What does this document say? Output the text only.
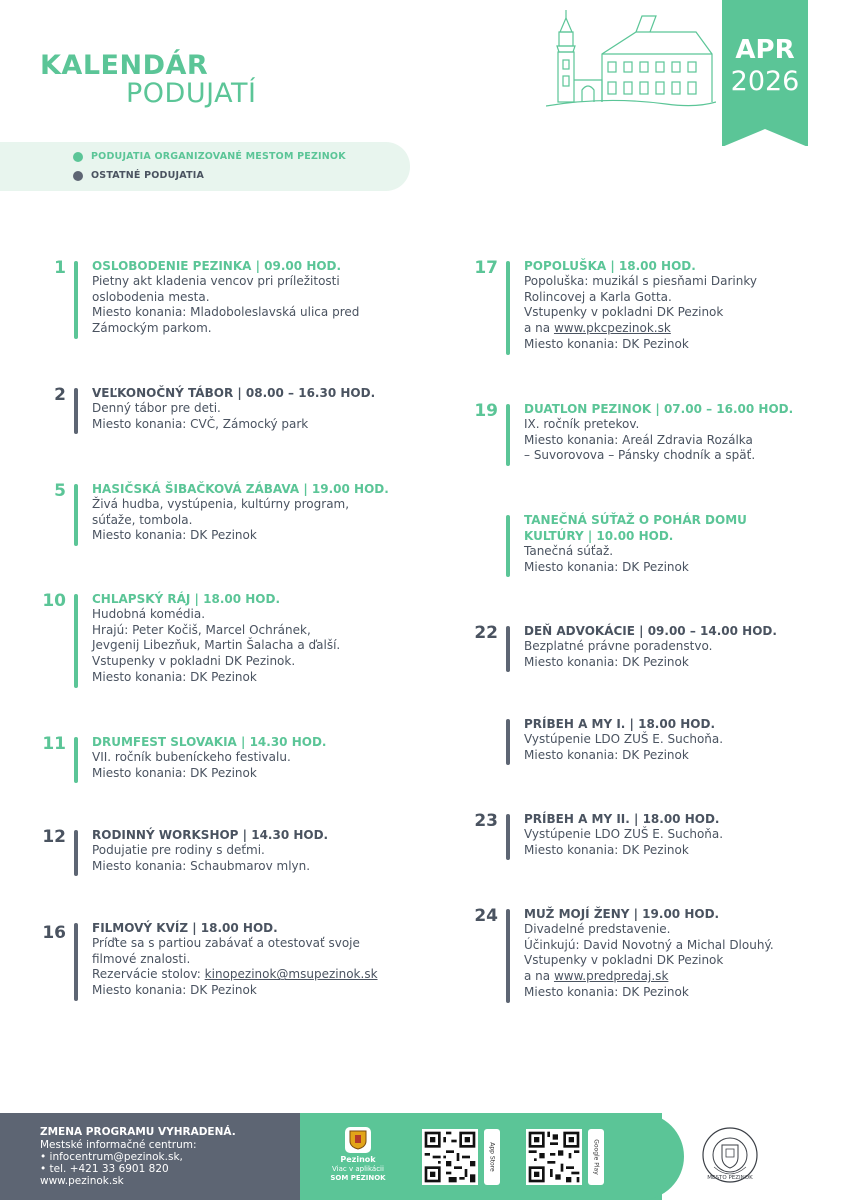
KALENDÁR
PODUJATÍ
APR
2026
PODUJATIA ORGANIZOVANÉ MESTOM PEZINOK
OSTATNÉ PODUJATIA
1 OSLOBODENIE PEZINKA | 09.00 HOD.
Pietny akt kladenia vencov pri príležitosti
oslobodenia mesta.
Miesto konania: Mladoboleslavská ulica pred
Zámockým parkom.
2 VEĽKONOČNÝ TÁBOR | 08.00 – 16.30 HOD.
Denný tábor pre deti.
Miesto konania: CVČ, Zámocký park
5 HASIČSKÁ ŠIBAČKOVÁ ZÁBAVA | 19.00 HOD.
Živá hudba, vystúpenia, kultúrny program,
súťaže, tombola.
Miesto konania: DK Pezinok
10 CHLAPSKÝ RÁJ | 18.00 HOD.
Hudobná komédia.
Hrajú: Peter Kočiš, Marcel Ochránek,
Jevgenij Libezňuk, Martin Šalacha a ďalší.
Vstupenky v pokladni DK Pezinok.
Miesto konania: DK Pezinok
11 DRUMFEST SLOVAKIA | 14.30 HOD.
VII. ročník bubeníckeho festivalu.
Miesto konania: DK Pezinok
12 RODINNÝ WORKSHOP | 14.30 HOD.
Podujatie pre rodiny s deťmi.
Miesto konania: Schaubmarov mlyn.
16 FILMOVÝ KVÍZ | 18.00 HOD.
Príďte sa s partiou zabávať a otestovať svoje
filmové znalosti.
Rezervácie stolov: kinopezinok@msupezinok.sk
Miesto konania: DK Pezinok
17 POPOLUŠKA | 18.00 HOD.
Popoluška: muzikál s piesňami Darinky
Rolincovej a Karla Gotta.
Vstupenky v pokladni DK Pezinok
a na www.pkcpezinok.sk
Miesto konania: DK Pezinok
19 DUATLON PEZINOK | 07.00 – 16.00 HOD.
IX. ročník pretekov.
Miesto konania: Areál Zdravia Rozálka
– Suvorovova – Pánsky chodník a späť.
TANEČNÁ SÚŤAŽ O POHÁR DOMU
KULTÚRY | 10.00 HOD.
Tanečná súťaž.
Miesto konania: DK Pezinok
22 DEŇ ADVOKÁCIE | 09.00 – 14.00 HOD.
Bezplatné právne poradenstvo.
Miesto konania: DK Pezinok
PRÍBEH A MY I. | 18.00 HOD.
Vystúpenie LDO ZUŠ E. Suchoňa.
Miesto konania: DK Pezinok
23 PRÍBEH A MY II. | 18.00 HOD.
Vystúpenie LDO ZUŠ E. Suchoňa.
Miesto konania: DK Pezinok
24 MUŽ MOJÍ ŽENY | 19.00 HOD.
Divadelné predstavenie.
Účinkujú: David Novotný a Michal Dlouhý.
Vstupenky v pokladni DK Pezinok
a na www.predpredaj.sk
Miesto konania: DK Pezinok
ZMENA PROGRAMU VYHRADENÁ.
Mestské informačné centrum:
• infocentrum@pezinok.sk,
• tel. +421 33 6901 820
www.pezinok.sk
Pezinok
Viac v aplikácii
SOM PEZINOK
App Store	Google Play
MESTO PEZINOK
